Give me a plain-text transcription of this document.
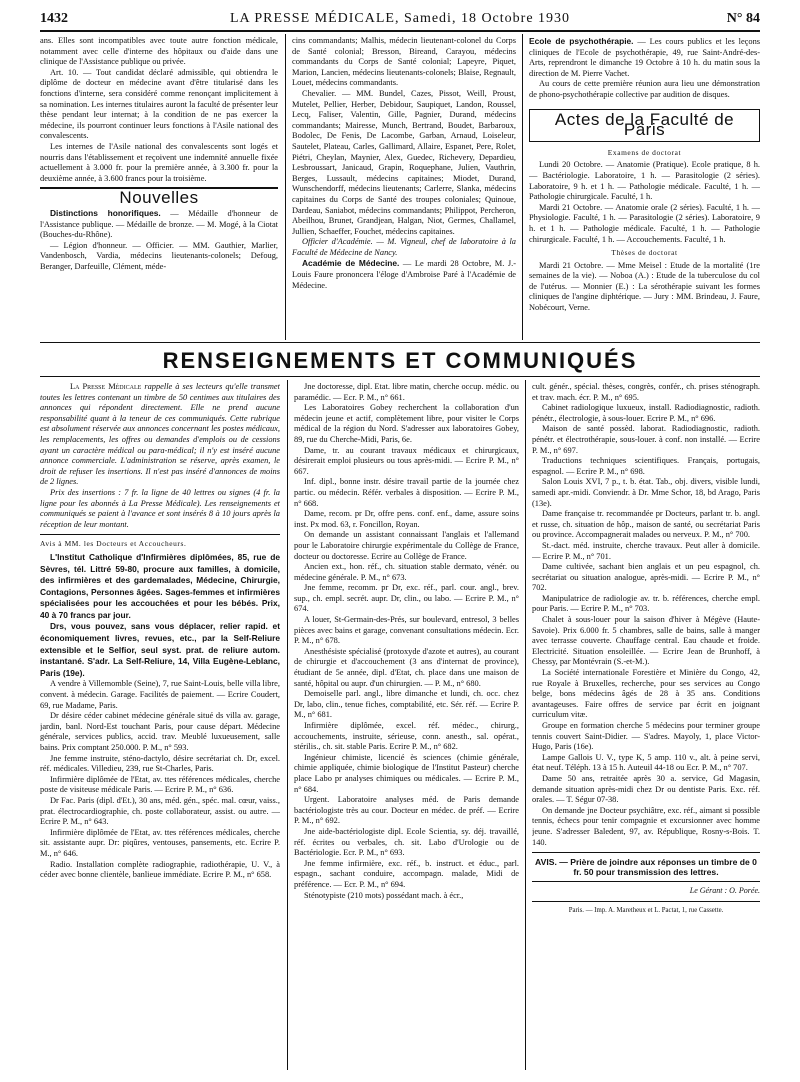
1432	LA PRESSE MÉDICALE, Samedi, 18 Octobre 1930	N° 84

ans. Elles sont incompatibles avec toute autre fonction médicale, notamment avec celle d'interne des hôpitaux ou d'aide dans une clinique de l'Assistance publique ou privée.

Art. 10. — Tout candidat déclaré admissible, qui obtiendra le diplôme de docteur en médecine avant d'être titularisé dans les fonctions d'interne, sera considéré comme renonçant implicitement à sa nomination. Les internes titulaires auront la faculté de présenter leur thèse pendant leur internat; à la condition de ne pas exercer la médecine, ils pourront continuer leurs fonctions à l'Asile national des convalescents.

Les internes de l'Asile national des convalescents sont logés et nourris dans l'établissement et reçoivent une indemnité annuelle fixée actuellement à 3.000 fr. pour la première année, à 3.300 fr. pour la deuxième année, à 3.600 francs pour la troisième.

Nouvelles

Distinctions honorifiques. — Médaille d'honneur de l'Assistance publique. — Médaille de bronze. — M. Mogé, à la Ciotat (Bouches-du-Rhône).

— Légion d'honneur. — Officier. — MM. Gauthier, Marlier, Vandenbosch, Vardia, médecins lieutenants-colonels; Defoug, Beranger, Darfeuille, Clément, méde-

cins commandants; Malhis, médecin lieutenant-colonel du Corps de Santé colonial; Bresson, Bireand, Carayou, médecins commandants du Corps de Santé colonial; Lapeyre, Piquet, Marion, Lancien, médecins lieutenants-colonels; Blaise, Regnault, Louet, médecins commandants.

Chevalier. — MM. Bundel, Cazes, Pissot, Weill, Proust, Mutelet, Pellier, Herber, Debidour, Saupiquet, Landon, Roussel, Lecq, Faliser, Valentin, Gille, Pagnier, Durand, médecins commandants; Mairesse, Munch, Bertrand, Boudet, Barbaroux, Bodolec, De Fenis, De Lacombe, Garban, Arnaud, Loiseleur, Sautelet, Plateau, Carles, Gallimard, Allaire, Espanet, Pere, Rolet, Piétri, Cheylan, Maynier, Alex, Guedec, Richevery, Depardieu, Lesbroussart, Janicaud, Grapin, Roquephane, Julien, Vauthrin, Berges, Lussault, médecins capitaines; Miodet, Durand, Wunschendorff, médecins lieutenants; Carlerre, Slanka, médecins capitaines du Corps de Santé des troupes coloniales; Quinoue, Dardeau, Saniabot, médecins commandants; Philippot, Percheron, Abeilhou, Brunet, Grandjean, Halgan, Niot, Germes, Challamel, Jullien, Schaeffer, Fouchet, médecins capitaines.

Officier d'Académie. — M. Vigneul, chef de laboratoire à la Faculté de Médecine de Nancy.

Académie de Médecine. — Le mardi 28 Octobre, M. J.-Louis Faure prononcera l'éloge d'Ambroise Paré à l'Académie de Médecine.

Ecole de psychothérapie. — Les cours publics et les leçons cliniques de l'Ecole de psychothérapie, 49, rue Saint-André-des-Arts, reprendront le dimanche 19 Octobre à 10 h. du matin sous la direction de M. Pierre Vachet.

Au cours de cette première réunion aura lieu une démonstration de phono-psychothérapie collective par audition de disques.

Actes de la Faculté de Paris
Examens de doctorat

Lundi 20 Octobre. — Anatomie (Pratique). Ecole pratique, 8 h. — Bactériologie. Laboratoire, 1 h. — Parasitologie (2 séries). Laboratoire, 9 h. et 1 h. — Pathologie médicale. Faculté, 1 h. — Pathologie chirurgicale. Faculté, 1 h.

Mardi 21 Octobre. — Anatomie orale (2 séries). Faculté, 1 h. — Physiologie. Faculté, 1 h. — Parasitologie (2 séries). Laboratoire, 9 h. et 1 h. — Pathologie médicale. Faculté, 1 h. — Pathologie chirurgicale. Faculté, 1 h. — Accouchements. Faculté, 1 h.

Thèses de doctorat

Mardi 21 Octobre. — Mme Meisel : Etude de la mortalité (1re semaines de la vie). — Noboa (A.) : Etude de la tuberculose du col de l'utérus. — Monnier (E.) : La sérothérapie suivant les formes cliniques de l'angine diphtérique. — Jury : MM. Brindeau, J. Faure, Nobécourt, Verne.

RENSEIGNEMENTS ET COMMUNIQUÉS

La Presse Médicale rappelle à ses lecteurs qu'elle transmet toutes les lettres contenant un timbre de 50 centimes aux titulaires des annonces qui répondent directement. Elle ne prend aucune responsabilité quant à la teneur de ces communiqués. Cette rubrique est absolument réservée aux annonces concernant les postes médicaux, les remplacements, les offres ou demandes d'emplois ou de cessions ayant un caractère médical ou para-médical; il n'y est inséré aucune annonce commerciale. L'administration se réserve, après examen, le droit de refuser les insertions. Il n'est pas inséré d'annonces de moins de 2 lignes.

Prix des insertions : 7 fr. la ligne de 40 lettres ou signes (4 fr. la ligne pour les abonnés à La Presse Médicale). Les renseignements et communiqués se paient à l'avance et sont insérés 8 à 10 jours après la réception de leur montant.

Avis à MM. les Docteurs et Accoucheurs.

L'Institut Catholique d'Infirmières diplômées, 85, rue de Sèvres, tél. Littré 59-80, procure aux familles, à domicile, des infirmières et des gardemalades, Médecine, Chirurgie, Contagions, Personnes âgées. Sages-femmes et infirmières spécialisées pour les accouchées et pour les bébés. Prix, 40 à 70 francs par jour.

Drs, vous pouvez, sans vous déplacer, relier rapid. et économiquement livres, revues, etc., par la Self-Reliure extensible et le Selfior, seul syst. prat. de reliure autom. instantané. S'adr. La Self-Reliure, 14, Villa Eugène-Leblanc, Paris (19e).

A vendre à Villemomble (Seine), 7, rue Saint-Louis, belle villa libre, convent. à médecin. Garage. Facilités de paiement. — Ecrire Coudert, 69, rue Madame, Paris.

Dr désire céder cabinet médecine générale situé ds villa av. garage, jardin, banl. Nord-Est touchant Paris, pour cause départ. Médecine générale, services publics, accid. trav. Meublé luxueusement, salle bains. Prix comptant 250.000. P. M., n° 593.

Jne femme instruite, sténo-dactylo, désire secrétariat ch. Dr, excel. réf. médicales. Villedieu, 239, rue St-Charles, Paris.

Infirmière diplômée de l'Etat, av. ttes références médicales, cherche poste de visiteuse médicale Paris. — Ecrire P. M., n° 636.

Dr Fac. Paris (dipl. d'Et.), 30 ans, méd. gén., spéc. mal. cœur, vaiss., prat. électrocardiographie, ch. poste collaborateur, assist. ou autre. — Ecrire P. M., n° 643.

Infirmière diplômée de l'Etat, av. ttes références médicales, cherche sit. assistante aupr. Dr: piqûres, ventouses, pansements, etc. Ecrire P. M., n° 646.

Radio. Installation complète radiographie, radiothérapie, U. V., à céder avec bonne clientèle, banlieue immédiate. Ecrire P. M., n° 658.

Jne doctoresse, dipl. Etat. libre matin, cherche occup. médic. ou paramédic. — Ecr. P. M., n° 661.

Les Laboratoires Gobey recherchent la collaboration d'un médecin jeune et actif, complètement libre, pour visiter le Corps médical de la région du Nord. S'adresser aux laboratoires Gobey, 89, rue du Cherche-Midi, Paris, 6e.

Dame, tr. au courant travaux médicaux et chirurgicaux, désirerait emploi plusieurs ou tous après-midi. — Ecrire P. M., n° 667.

Inf. dipl., bonne instr. désire travail partie de la journée chez partic. ou médecin. Référ. verbales à disposition. — Ecrire P. M., n° 668.

Dame, recom. pr Dr, offre pens. conf. enf., dame, assure soins inst. Px mod. 63, r. Foncillon, Royan.

On demande un assistant connaissant l'anglais et l'allemand pour le Laboratoire chirurgie expérimentale du Collège de France, docteur ou doctoresse. Ecrire au Collège de France.

Ancien ext., hon. réf., ch. situation stable dermato, vénér. ou médecine générale. P. M., n° 673.

Jne femme, recomm. pr Dr, exc. réf., parl. cour. angl., brev. sup., ch. empl. secrét. aupr. Dr, clin., ou labo. — Ecrire P. M., n° 674.

A louer, St-Germain-des-Prés, sur boulevard, entresol, 3 belles pièces avec bains et garage, convenant consultations médecin. Ecr. P. M., n° 678.

Anesthésiste spécialisé (protoxyde d'azote et autres), au courant de chirurgie et d'accouchement (3 ans d'internat de province), étudiant de 5e année, dipl. d'Etat, ch. place dans une maison de santé, hôpital ou aupr. d'un chirurgien. — P. M., n° 680.

Demoiselle parl. angl., libre dimanche et lundi, ch. occ. chez Dr, labo, clin., tenue fiches, comptabilité, etc. Sér. réf. — Ecrire P. M., n° 681.

Infirmière diplômée, excel. réf. médec., chirurg., accouchements, instruite, sérieuse, conn. anesth., sal. opérat., stérilis., ch. sit. stable Paris. Ecrire P. M., n° 682.

Ingénieur chimiste, licencié ès sciences (chimie générale, chimie appliquée, chimie biologique de l'Institut Pasteur) cherche place Labo pr analyses chimiques ou médicales. — Ecrire P. M., n° 684.

Urgent. Laboratoire analyses méd. de Paris demande bactériologiste très au cour. Docteur en médec. de préf. — Ecrire P. M., n° 692.

Jne aide-bactériologiste dipl. Ecole Scientia, sy. déj. travaillé, réf. écrites ou verbales, ch. sit. Labo d'Urologie ou de Bactériologie. Ecr. P. M., n° 693.

Jne femme infirmière, exc. réf., b. instruct. et éduc., parl. espagn., sachant conduire, accompagn. malade, Midi de préférence. — Ecr. P. M., n° 694.

Sténotypiste (210 mots) possédant mach. à écr.,

cult. génér., spécial. thèses, congrès, confér., ch. prises sténograph. et trav. mach. écr. P. M., n° 695.

Cabinet radiologique luxueux, install. Radiodiagnostic, radioth. pénétr., électrologie, à sous-louer. Ecrire P. M., n° 696.

Maison de santé possèd. laborat. Radiodiagnostic, radioth. pénétr. et électrothérapie, sous-louer. à conf. non installé. — Ecrire P. M., n° 697.

Traductions techniques scientifiques. Français, portugais, espagnol. — Ecrire P. M., n° 698.

Salon Louis XVI, 7 p., t. b. état. Tab., obj. divers, visible lundi, samedi apr.-midi. Conviendr. à Dr. Mme Schor, 18, bd Arago, Paris (13e).

Dame française tr. recommandée pr Docteurs, parlant tr. b. angl. et russe, ch. situation de hôp., maison de santé, ou secrétariat Paris ou province. Accompagnerait malades ou nerveux. P. M., n° 700.

St.-dact. méd. instruite, cherche travaux. Peut aller à domicile. — Ecrire P. M., n° 701.

Dame cultivée, sachant bien anglais et un peu espagnol, ch. secrétariat ou situation analogue, après-midi. — Ecrire P. M., n° 702.

Manipulatrice de radiologie av. tr. b. références, cherche empl. pour Paris. — Ecrire P. M., n° 703.

Chalet à sous-louer pour la saison d'hiver à Mégève (Haute-Savoie). Prix 6.000 fr. 5 chambres, salle de bains, salle à manger avec terrasse couverte. Chauffage central. Eau chaude et froide. Electricité. Situation ensoleillée. — Ecrire Jean de Brunhoff, à Chessy, par Montévrain (S.-et-M.).

La Société internationale Forestière et Minière du Congo, 42, rue Royale à Bruxelles, recherche, pour ses services au Congo belge, bons médecins âgés de 28 à 35 ans. Conditions avantageuses. Faire offres de service par écrit en joignant curriculum vitæ.

Groupe en formation cherche 5 médecins pour terminer groupe tennis couvert Saint-Didier. — S'adres. Mayoly, 1, place Victor-Hugo, Paris (16e).

Lampe Gallois U. V., type K, 5 amp. 110 v., alt. à peine servi, état neuf. Téléph. 13 à 15 h. Auteuil 44-18 ou Ecr. P. M., n° 707.

Dame 50 ans, retraitée après 30 a. service, Gd Magasin, demande situation après-midi chez Dr ou dentiste Paris. Exc. réf. orales. — T. Ségur 07-38.

On demande jne Docteur psychiâtre, exc. réf., aimant si possible tennis, échecs pour tenir compagnie et excursionner avec homme jeune. S'adresser Baledent, 97, av. République, Rosny-s-Bois. T. 140.

AVIS. — Prière de joindre aux réponses un timbre de 0 fr. 50 pour transmission des lettres.
Le Gérant : O. Porée.
Paris. — Imp. A. Maretheux et L. Pactat, 1, rue Cassette.
